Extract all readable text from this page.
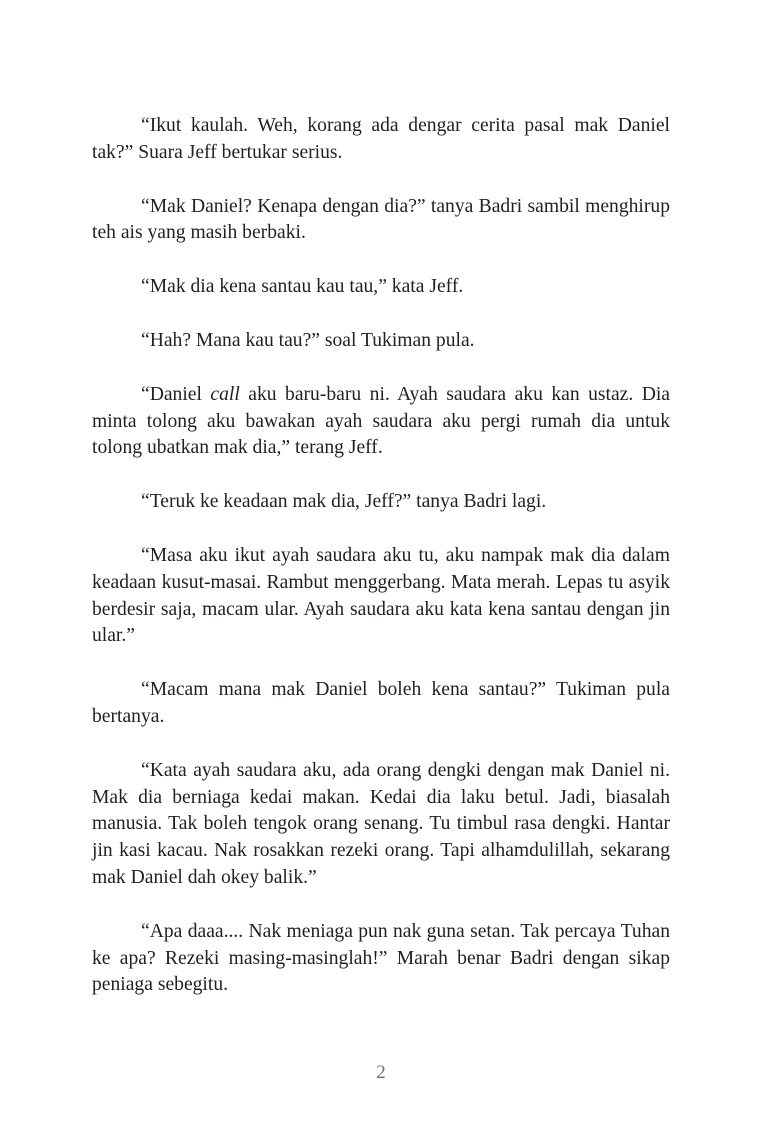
“Ikut kaulah. Weh, korang ada dengar cerita pasal mak Daniel tak?” Suara Jeff bertukar serius.

“Mak Daniel? Kenapa dengan dia?” tanya Badri sambil menghirup teh ais yang masih berbaki.

“Mak dia kena santau kau tau,” kata Jeff.

“Hah? Mana kau tau?” soal Tukiman pula.

“Daniel call aku baru-baru ni. Ayah saudara aku kan ustaz. Dia minta tolong aku bawakan ayah saudara aku pergi rumah dia untuk tolong ubatkan mak dia,” terang Jeff.

“Teruk ke keadaan mak dia, Jeff?” tanya Badri lagi.

“Masa aku ikut ayah saudara aku tu, aku nampak mak dia dalam keadaan kusut-masai. Rambut menggerbang. Mata merah. Lepas tu asyik berdesir saja, macam ular. Ayah saudara aku kata kena santau dengan jin ular.”

“Macam mana mak Daniel boleh kena santau?” Tukiman pula bertanya.

“Kata ayah saudara aku, ada orang dengki dengan mak Daniel ni. Mak dia berniaga kedai makan. Kedai dia laku betul. Jadi, biasalah manusia. Tak boleh tengok orang senang. Tu timbul rasa dengki. Hantar jin kasi kacau. Nak rosakkan rezeki orang. Tapi alhamdulillah, sekarang mak Daniel dah okey balik.”

“Apa daaa.... Nak meniaga pun nak guna setan. Tak percaya Tuhan ke apa? Rezeki masing-masinglah!” Marah benar Badri dengan sikap peniaga sebegitu.

2
